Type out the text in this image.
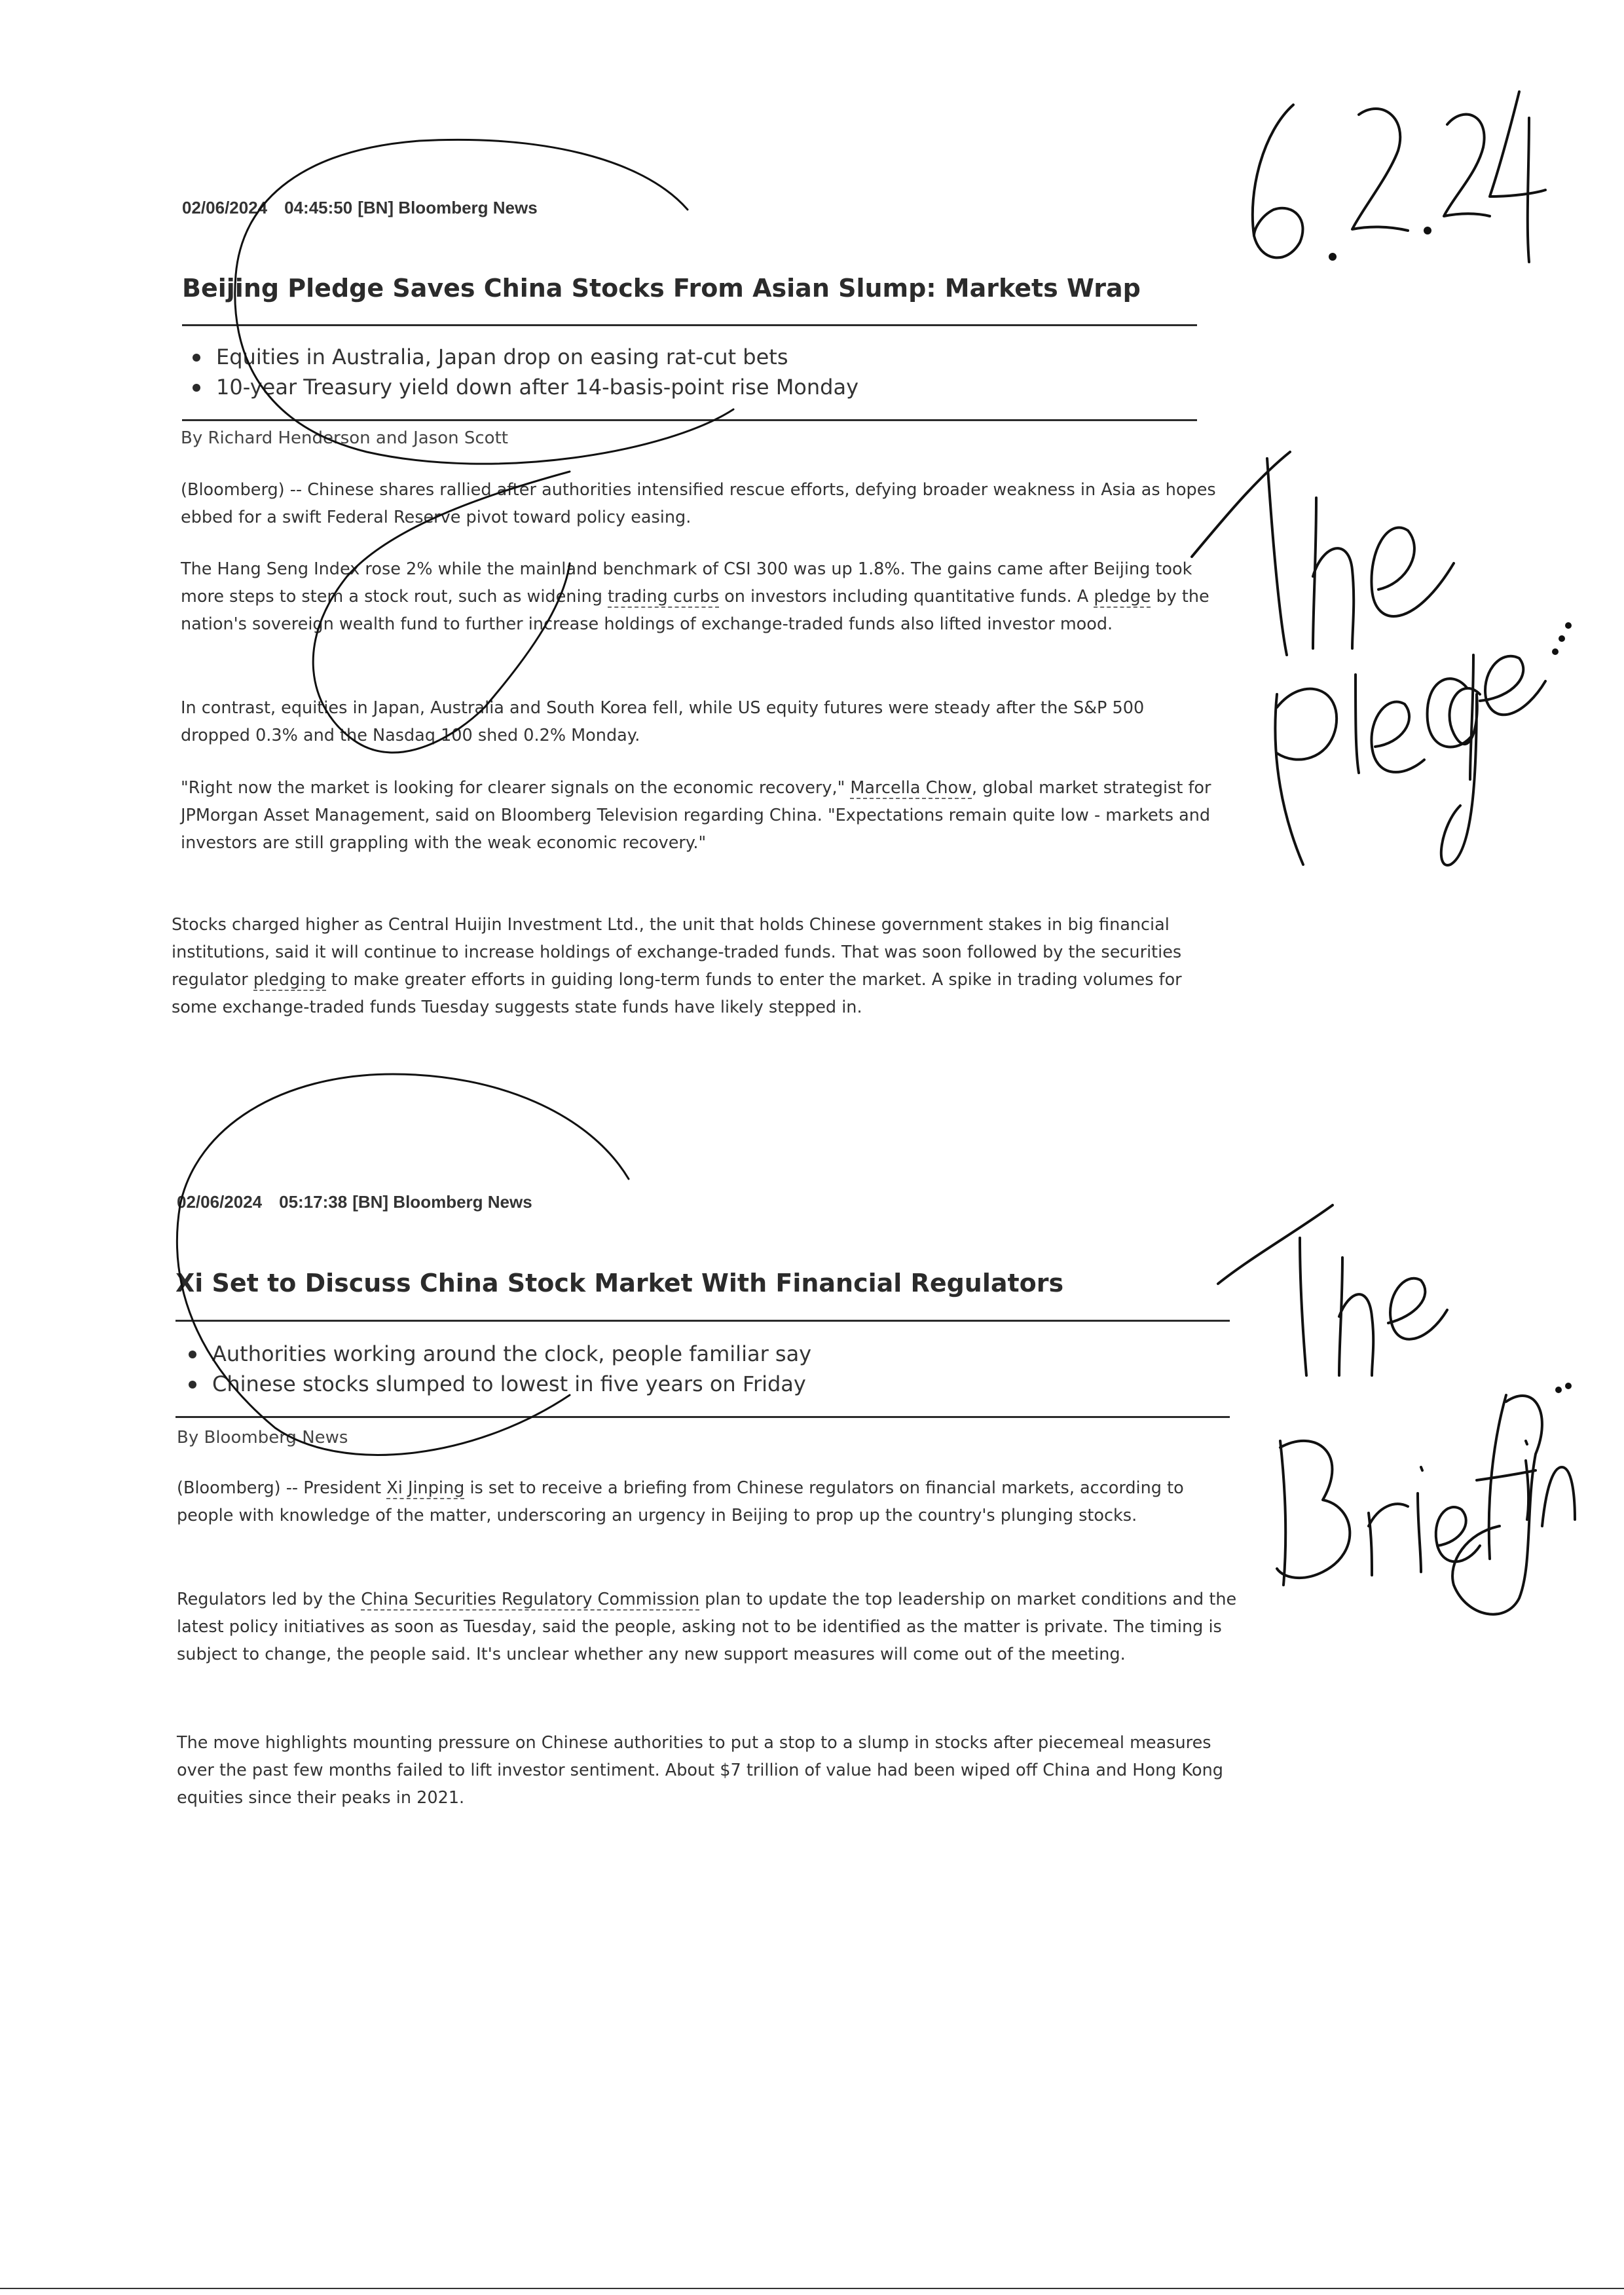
02/06/2024 04:45:50 [BN] Bloomberg News
Beijing Pledge Saves China Stocks From Asian Slump: Markets Wrap
Equities in Australia, Japan drop on easing rat-cut bets
10-year Treasury yield down after 14-basis-point rise Monday
By Richard Henderson and Jason Scott

(Bloomberg) -- Chinese shares rallied after authorities intensified rescue efforts, defying broader weakness in Asia as hopes ebbed for a swift Federal Reserve pivot toward policy easing.

The Hang Seng Index rose 2% while the mainland benchmark of CSI 300 was up 1.8%. The gains came after Beijing took more steps to stem a stock rout, such as widening trading curbs on investors including quantitative funds. A pledge by the nation's sovereign wealth fund to further increase holdings of exchange-traded funds also lifted investor mood.

In contrast, equities in Japan, Australia and South Korea fell, while US equity futures were steady after the S&P 500 dropped 0.3% and the Nasdaq 100 shed 0.2% Monday.

"Right now the market is looking for clearer signals on the economic recovery," Marcella Chow, global market strategist for JPMorgan Asset Management, said on Bloomberg Television regarding China. "Expectations remain quite low - markets and investors are still grappling with the weak economic recovery."

Stocks charged higher as Central Huijin Investment Ltd., the unit that holds Chinese government stakes in big financial institutions, said it will continue to increase holdings of exchange-traded funds. That was soon followed by the securities regulator pledging to make greater efforts in guiding long-term funds to enter the market. A spike in trading volumes for some exchange-traded funds Tuesday suggests state funds have likely stepped in.

02/06/2024 05:17:38 [BN] Bloomberg News
Xi Set to Discuss China Stock Market With Financial Regulators
Authorities working around the clock, people familiar say
Chinese stocks slumped to lowest in five years on Friday
By Bloomberg News

(Bloomberg) -- President Xi Jinping is set to receive a briefing from Chinese regulators on financial markets, according to people with knowledge of the matter, underscoring an urgency in Beijing to prop up the country's plunging stocks.

Regulators led by the China Securities Regulatory Commission plan to update the top leadership on market conditions and the latest policy initiatives as soon as Tuesday, said the people, asking not to be identified as the matter is private. The timing is subject to change, the people said. It's unclear whether any new support measures will come out of the meeting.

The move highlights mounting pressure on Chinese authorities to put a stop to a slump in stocks after piecemeal measures over the past few months failed to lift investor sentiment. About $7 trillion of value had been wiped off China and Hong Kong equities since their peaks in 2021.
